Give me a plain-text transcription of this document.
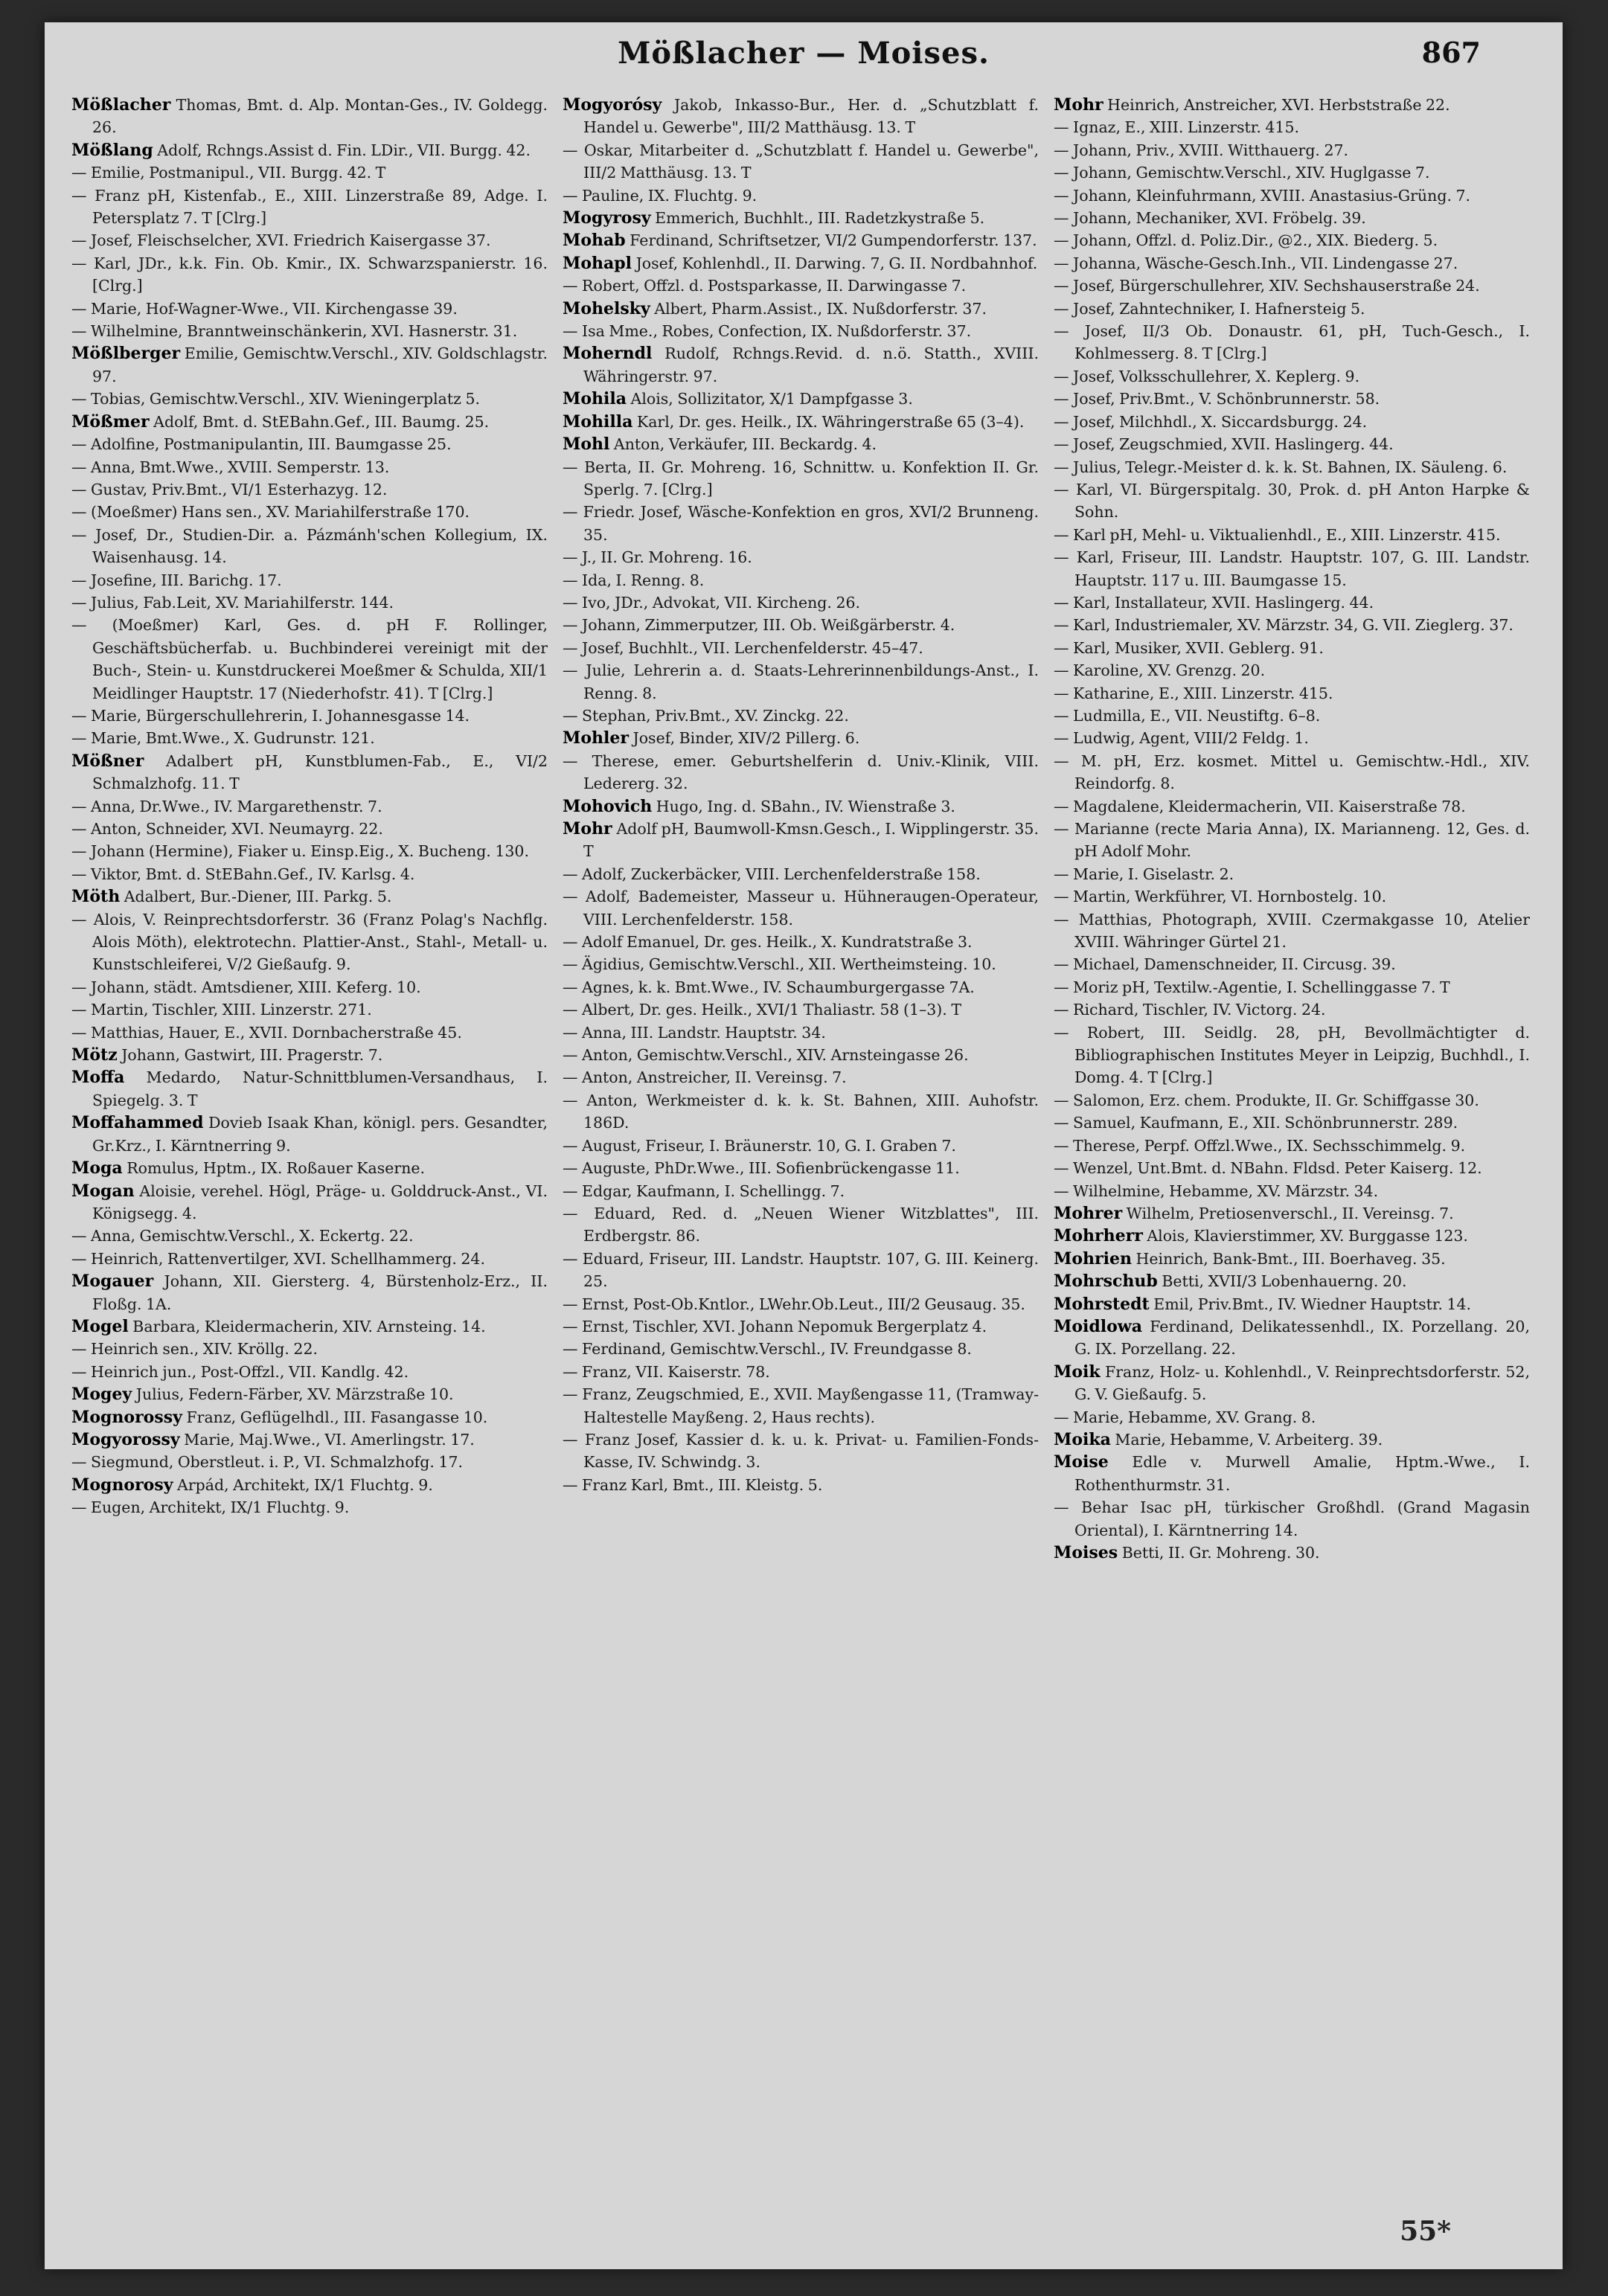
Mößlacher — Moises.	867
Mößlacher Thomas, Bmt. d. Alp. Montan-Ges., IV. Goldegg. 26.
Mößlang Adolf, Rchngs.Assist d. Fin. LDir., VII. Burgg. 42.
— Emilie, Postmanipul., VII. Burgg. 42. T
— Franz pH, Kistenfab., E., XIII. Linzerstraße 89, Adge. I. Petersplatz 7. T [Clrg.]
— Josef, Fleischselcher, XVI. Friedrich Kaisergasse 37.
— Karl, JDr., k.k. Fin. Ob. Kmir., IX. Schwarzspanierstr. 16. [Clrg.]
— Marie, Hof-Wagner-Wwe., VII. Kirchengasse 39.
— Wilhelmine, Branntweinschänkerin, XVI. Hasnerstr. 31.
Mößlberger Emilie, Gemischtw.Verschl., XIV. Goldschlagstr. 97.
— Tobias, Gemischtw.Verschl., XIV. Wieningerplatz 5.
Mößmer Adolf, Bmt. d. StEBahn.Gef., III. Baumg. 25.
— Adolfine, Postmanipulantin, III. Baumgasse 25.
— Anna, Bmt.Wwe., XVIII. Semperstr. 13.
— Gustav, Priv.Bmt., VI/1 Esterhazyg. 12.
— (Moeßmer) Hans sen., XV. Mariahilferstraße 170.
— Josef, Dr., Studien-Dir. a. Pázmánh'schen Kollegium, IX. Waisenhausg. 14.
— Josefine, III. Barichg. 17.
— Julius, Fab.Leit, XV. Mariahilferstr. 144.
— (Moeßmer) Karl, Ges. d. pH F. Rollinger, Geschäftsbücherfab. u. Buchbinderei vereinigt mit der Buch-, Stein- u. Kunstdruckerei Moeßmer & Schulda, XII/1 Meidlinger Hauptstr. 17 (Niederhofstr. 41). T [Clrg.]
— Marie, Bürgerschullehrerin, I. Johannesgasse 14.
— Marie, Bmt.Wwe., X. Gudrunstr. 121.
Mößner Adalbert pH, Kunstblumen-Fab., E., VI/2 Schmalzhofg. 11. T
— Anna, Dr.Wwe., IV. Margarethenstr. 7.
— Anton, Schneider, XVI. Neumayrg. 22.
— Johann (Hermine), Fiaker u. Einsp.Eig., X. Bucheng. 130.
— Viktor, Bmt. d. StEBahn.Gef., IV. Karlsg. 4.
Möth Adalbert, Bur.-Diener, III. Parkg. 5.
— Alois, V. Reinprechtsdorferstr. 36 (Franz Polag's Nachflg. Alois Möth), elektrotechn. Plattier-Anst., Stahl-, Metall- u. Kunstschleiferei, V/2 Gießaufg. 9.
— Johann, städt. Amtsdiener, XIII. Keferg. 10.
— Martin, Tischler, XIII. Linzerstr. 271.
— Matthias, Hauer, E., XVII. Dornbacherstraße 45.
Mötz Johann, Gastwirt, III. Pragerstr. 7.
Moffa Medardo, Natur-Schnittblumen-Versandhaus, I. Spiegelg. 3. T
Moffahammed Dovieb Isaak Khan, königl. pers. Gesandter, Gr.Krz., I. Kärntnerring 9.
Moga Romulus, Hptm., IX. Roßauer Kaserne.
Mogan Aloisie, verehel. Högl, Präge- u. Golddruck-Anst., VI. Königsegg. 4.
— Anna, Gemischtw.Verschl., X. Eckertg. 22.
— Heinrich, Rattenvertilger, XVI. Schellhammerg. 24.
Mogauer Johann, XII. Giersterg. 4, Bürstenholz-Erz., II. Floßg. 1A.
Mogel Barbara, Kleidermacherin, XIV. Arnsteing. 14.
— Heinrich sen., XIV. Kröllg. 22.
— Heinrich jun., Post-Offzl., VII. Kandlg. 42.
Mogey Julius, Federn-Färber, XV. Märzstraße 10.
Mognorossy Franz, Geflügelhdl., III. Fasangasse 10.
Mogyorossy Marie, Maj.Wwe., VI. Amerlingstr. 17.
— Siegmund, Oberstleut. i. P., VI. Schmalzhofg. 17.
Mognorosy Arpád, Architekt, IX/1 Fluchtg. 9.
— Eugen, Architekt, IX/1 Fluchtg. 9.
Mogyorósy Jakob, Inkasso-Bur., Her. d. „Schutzblatt f. Handel u. Gewerbe", III/2 Matthäusg. 13. T
— Oskar, Mitarbeiter d. „Schutzblatt f. Handel u. Gewerbe", III/2 Matthäusg. 13. T
— Pauline, IX. Fluchtg. 9.
Mogyrosy Emmerich, Buchhlt., III. Radetzkystraße 5.
Mohab Ferdinand, Schriftsetzer, VI/2 Gumpendorferstr. 137.
Mohapl Josef, Kohlenhdl., II. Darwing. 7, G. II. Nordbahnhof.
— Robert, Offzl. d. Postsparkasse, II. Darwingasse 7.
Mohelsky Albert, Pharm.Assist., IX. Nußdorferstr. 37.
— Isa Mme., Robes, Confection, IX. Nußdorferstr. 37.
Moherndl Rudolf, Rchngs.Revid. d. n.ö. Statth., XVIII. Währingerstr. 97.
Mohila Alois, Sollizitator, X/1 Dampfgasse 3.
Mohilla Karl, Dr. ges. Heilk., IX. Währingerstraße 65 (3–4).
Mohl Anton, Verkäufer, III. Beckardg. 4.
— Berta, II. Gr. Mohreng. 16, Schnittw. u. Konfektion II. Gr. Sperlg. 7. [Clrg.]
— Friedr. Josef, Wäsche-Konfektion en gros, XVI/2 Brunneng. 35.
— J., II. Gr. Mohreng. 16.
— Ida, I. Renng. 8.
— Ivo, JDr., Advokat, VII. Kircheng. 26.
— Johann, Zimmerputzer, III. Ob. Weißgärberstr. 4.
— Josef, Buchhlt., VII. Lerchenfelderstr. 45–47.
— Julie, Lehrerin a. d. Staats-Lehrerinnenbildungs-Anst., I. Renng. 8.
— Stephan, Priv.Bmt., XV. Zinckg. 22.
Mohler Josef, Binder, XIV/2 Pillerg. 6.
— Therese, emer. Geburtshelferin d. Univ.-Klinik, VIII. Ledererg. 32.
Mohovich Hugo, Ing. d. SBahn., IV. Wienstraße 3.
Mohr Adolf pH, Baumwoll-Kmsn.Gesch., I. Wipplingerstr. 35. T
— Adolf, Zuckerbäcker, VIII. Lerchenfelderstraße 158.
— Adolf, Bademeister, Masseur u. Hühneraugen-Operateur, VIII. Lerchenfelderstr. 158.
— Adolf Emanuel, Dr. ges. Heilk., X. Kundratstraße 3.
— Ägidius, Gemischtw.Verschl., XII. Wertheimsteing. 10.
— Agnes, k. k. Bmt.Wwe., IV. Schaumburgergasse 7A.
— Albert, Dr. ges. Heilk., XVI/1 Thaliastr. 58 (1–3). T
— Anna, III. Landstr. Hauptstr. 34.
— Anton, Gemischtw.Verschl., XIV. Arnsteingasse 26.
— Anton, Anstreicher, II. Vereinsg. 7.
— Anton, Werkmeister d. k. k. St. Bahnen, XIII. Auhofstr. 186D.
— August, Friseur, I. Bräunerstr. 10, G. I. Graben 7.
— Auguste, PhDr.Wwe., III. Sofienbrückengasse 11.
— Edgar, Kaufmann, I. Schellingg. 7.
— Eduard, Red. d. „Neuen Wiener Witzblattes", III. Erdbergstr. 86.
— Eduard, Friseur, III. Landstr. Hauptstr. 107, G. III. Keinerg. 25.
— Ernst, Post-Ob.Kntlor., LWehr.Ob.Leut., III/2 Geusaug. 35.
— Ernst, Tischler, XVI. Johann Nepomuk Bergerplatz 4.
— Ferdinand, Gemischtw.Verschl., IV. Freundgasse 8.
— Franz, VII. Kaiserstr. 78.
— Franz, Zeugschmied, E., XVII. Mayßengasse 11, (Tramway-Haltestelle Mayßeng. 2, Haus rechts).
— Franz Josef, Kassier d. k. u. k. Privat- u. Familien-Fonds-Kasse, IV. Schwindg. 3.
— Franz Karl, Bmt., III. Kleistg. 5.
Mohr Heinrich, Anstreicher, XVI. Herbststraße 22.
— Ignaz, E., XIII. Linzerstr. 415.
— Johann, Priv., XVIII. Witthauerg. 27.
— Johann, Gemischtw.Verschl., XIV. Huglgasse 7.
— Johann, Kleinfuhrmann, XVIII. Anastasius-Grüng. 7.
— Johann, Mechaniker, XVI. Fröbelg. 39.
— Johann, Offzl. d. Poliz.Dir., @2., XIX. Biederg. 5.
— Johanna, Wäsche-Gesch.Inh., VII. Lindengasse 27.
— Josef, Bürgerschullehrer, XIV. Sechshauserstraße 24.
— Josef, Zahntechniker, I. Hafnersteig 5.
— Josef, II/3 Ob. Donaustr. 61, pH, Tuch-Gesch., I. Kohlmesserg. 8. T [Clrg.]
— Josef, Volksschullehrer, X. Keplerg. 9.
— Josef, Priv.Bmt., V. Schönbrunnerstr. 58.
— Josef, Milchhdl., X. Siccardsburgg. 24.
— Josef, Zeugschmied, XVII. Haslingerg. 44.
— Julius, Telegr.-Meister d. k. k. St. Bahnen, IX. Säuleng. 6.
— Karl, VI. Bürgerspitalg. 30, Prok. d. pH Anton Harpke & Sohn.
— Karl pH, Mehl- u. Viktualienhdl., E., XIII. Linzerstr. 415.
— Karl, Friseur, III. Landstr. Hauptstr. 107, G. III. Landstr. Hauptstr. 117 u. III. Baumgasse 15.
— Karl, Installateur, XVII. Haslingerg. 44.
— Karl, Industriemaler, XV. Märzstr. 34, G. VII. Zieglerg. 37.
— Karl, Musiker, XVII. Geblerg. 91.
— Karoline, XV. Grenzg. 20.
— Katharine, E., XIII. Linzerstr. 415.
— Ludmilla, E., VII. Neustiftg. 6–8.
— Ludwig, Agent, VIII/2 Feldg. 1.
— M. pH, Erz. kosmet. Mittel u. Gemischtw.-Hdl., XIV. Reindorfg. 8.
— Magdalene, Kleidermacherin, VII. Kaiserstraße 78.
— Marianne (recte Maria Anna), IX. Marianneng. 12, Ges. d. pH Adolf Mohr.
— Marie, I. Giselastr. 2.
— Martin, Werkführer, VI. Hornbostelg. 10.
— Matthias, Photograph, XVIII. Czermakgasse 10, Atelier XVIII. Währinger Gürtel 21.
— Michael, Damenschneider, II. Circusg. 39.
— Moriz pH, Textilw.-Agentie, I. Schellinggasse 7. T
— Richard, Tischler, IV. Victorg. 24.
— Robert, III. Seidlg. 28, pH, Bevollmächtigter d. Bibliographischen Institutes Meyer in Leipzig, Buchhdl., I. Domg. 4. T [Clrg.]
— Salomon, Erz. chem. Produkte, II. Gr. Schiffgasse 30.
— Samuel, Kaufmann, E., XII. Schönbrunnerstr. 289.
— Therese, Perpf. Offzl.Wwe., IX. Sechsschimmelg. 9.
— Wenzel, Unt.Bmt. d. NBahn. Fldsd. Peter Kaiserg. 12.
— Wilhelmine, Hebamme, XV. Märzstr. 34.
Mohrer Wilhelm, Pretiosenverschl., II. Vereinsg. 7.
Mohrherr Alois, Klavierstimmer, XV. Burggasse 123.
Mohrien Heinrich, Bank-Bmt., III. Boerhaveg. 35.
Mohrschub Betti, XVII/3 Lobenhauerng. 20.
Mohrstedt Emil, Priv.Bmt., IV. Wiedner Hauptstr. 14.
Moidlowa Ferdinand, Delikatessenhdl., IX. Porzellang. 20, G. IX. Porzellang. 22.
Moik Franz, Holz- u. Kohlenhdl., V. Reinprechtsdorferstr. 52, G. V. Gießaufg. 5.
— Marie, Hebamme, XV. Grang. 8.
Moika Marie, Hebamme, V. Arbeiterg. 39.
Moise Edle v. Murwell Amalie, Hptm.-Wwe., I. Rothenthurmstr. 31.
— Behar Isac pH, türkischer Großhdl. (Grand Magasin Oriental), I. Kärntnerring 14.
Moises Betti, II. Gr. Mohreng. 30.
55*
